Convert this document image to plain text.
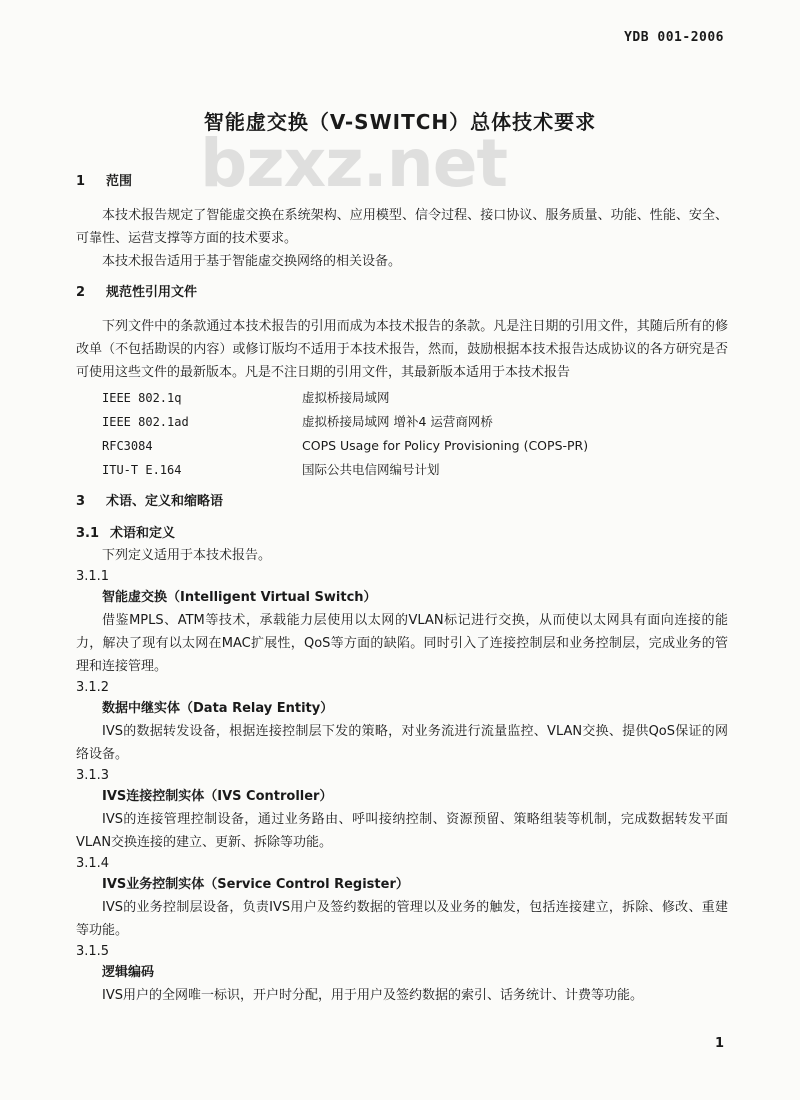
YDB 001-2006
智能虚交换（V-SWITCH）总体技术要求
bzxz.net
1 范围

本技术报告规定了智能虚交换在系统架构、应用模型、信令过程、接口协议、服务质量、功能、性能、安全、可靠性、运营支撑等方面的技术要求。

本技术报告适用于基于智能虚交换网络的相关设备。

2 规范性引用文件

下列文件中的条款通过本技术报告的引用而成为本技术报告的条款。凡是注日期的引用文件，其随后所有的修改单（不包括勘误的内容）或修订版均不适用于本技术报告，然而，鼓励根据本技术报告达成协议的各方研究是否可使用这些文件的最新版本。凡是不注日期的引用文件，其最新版本适用于本技术报告

IEEE 802.1q	虚拟桥接局域网
IEEE 802.1ad	虚拟桥接局域网 增补4 运营商网桥
RFC3084	COPS Usage for Policy Provisioning (COPS-PR)
ITU-T E.164	国际公共电信网编号计划
3 术语、定义和缩略语
3.1 术语和定义

下列定义适用于本技术报告。

3.1.1
智能虚交换（Intelligent Virtual Switch）

借鉴MPLS、ATM等技术，承载能力层使用以太网的VLAN标记进行交换，从而使以太网具有面向连接的能力，解决了现有以太网在MAC扩展性，QoS等方面的缺陷。同时引入了连接控制层和业务控制层，完成业务的管理和连接管理。

3.1.2
数据中继实体（Data Relay Entity）

IVS的数据转发设备，根据连接控制层下发的策略，对业务流进行流量监控、VLAN交换、提供QoS保证的网络设备。

3.1.3
IVS连接控制实体（IVS Controller）

IVS的连接管理控制设备，通过业务路由、呼叫接纳控制、资源预留、策略组装等机制，完成数据转发平面VLAN交换连接的建立、更新、拆除等功能。

3.1.4
IVS业务控制实体（Service Control Register）

IVS的业务控制层设备，负责IVS用户及签约数据的管理以及业务的触发，包括连接建立，拆除、修改、重建等功能。

3.1.5
逻辑编码

IVS用户的全网唯一标识，开户时分配，用于用户及签约数据的索引、话务统计、计费等功能。

1
